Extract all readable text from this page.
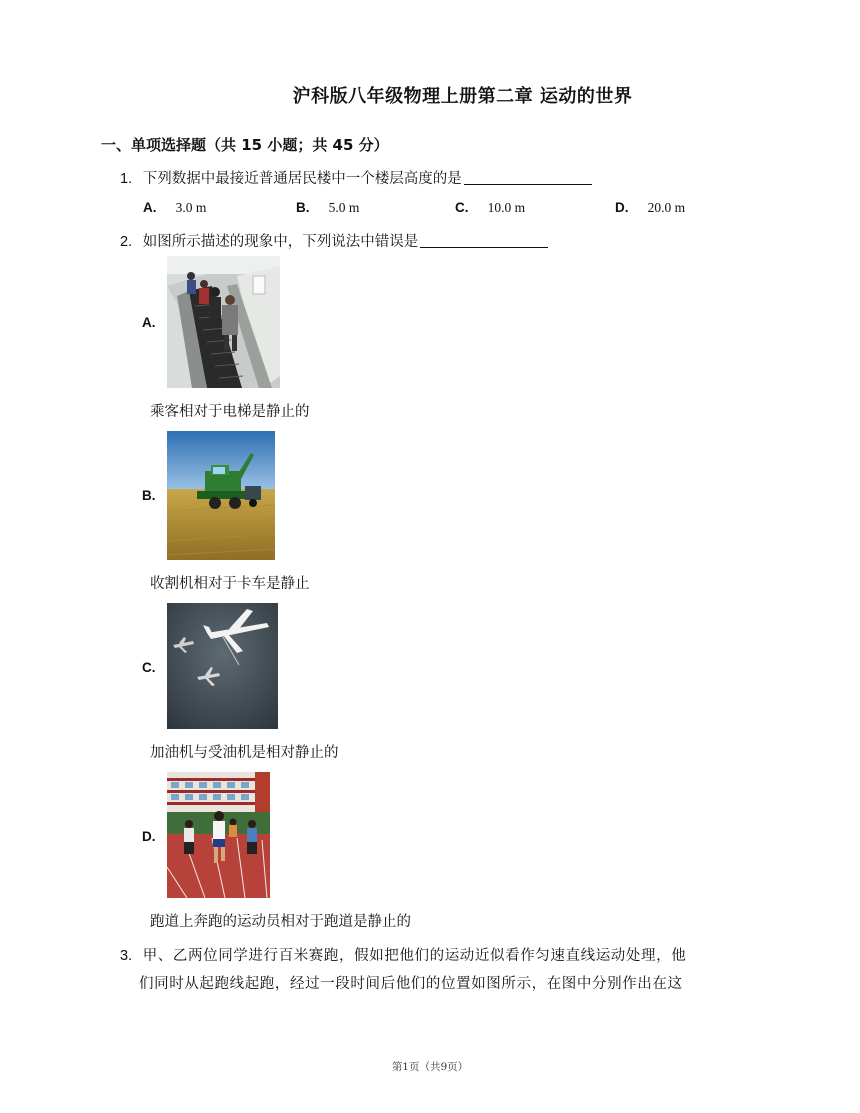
沪科版八年级物理上册第二章 运动的世界
一、单项选择题（共 15 小题；共 45 分）
1. 下列数据中最接近普通居民楼中一个楼层高度的是
A. 3.0 m	B. 5.0 m	C. 10.0 m	D. 20.0 m
2. 如图所示描述的现象中，下列说法中错误是
A.
乘客相对于电梯是静止的
B.
收割机相对于卡车是静止
C.
加油机与受油机是相对静止的
D.
跑道上奔跑的运动员相对于跑道是静止的
3. 甲、乙两位同学进行百米赛跑，假如把他们的运动近似看作匀速直线运动处理，他
们同时从起跑线起跑，经过一段时间后他们的位置如图所示，在图中分别作出在这
第1页（共9页）
